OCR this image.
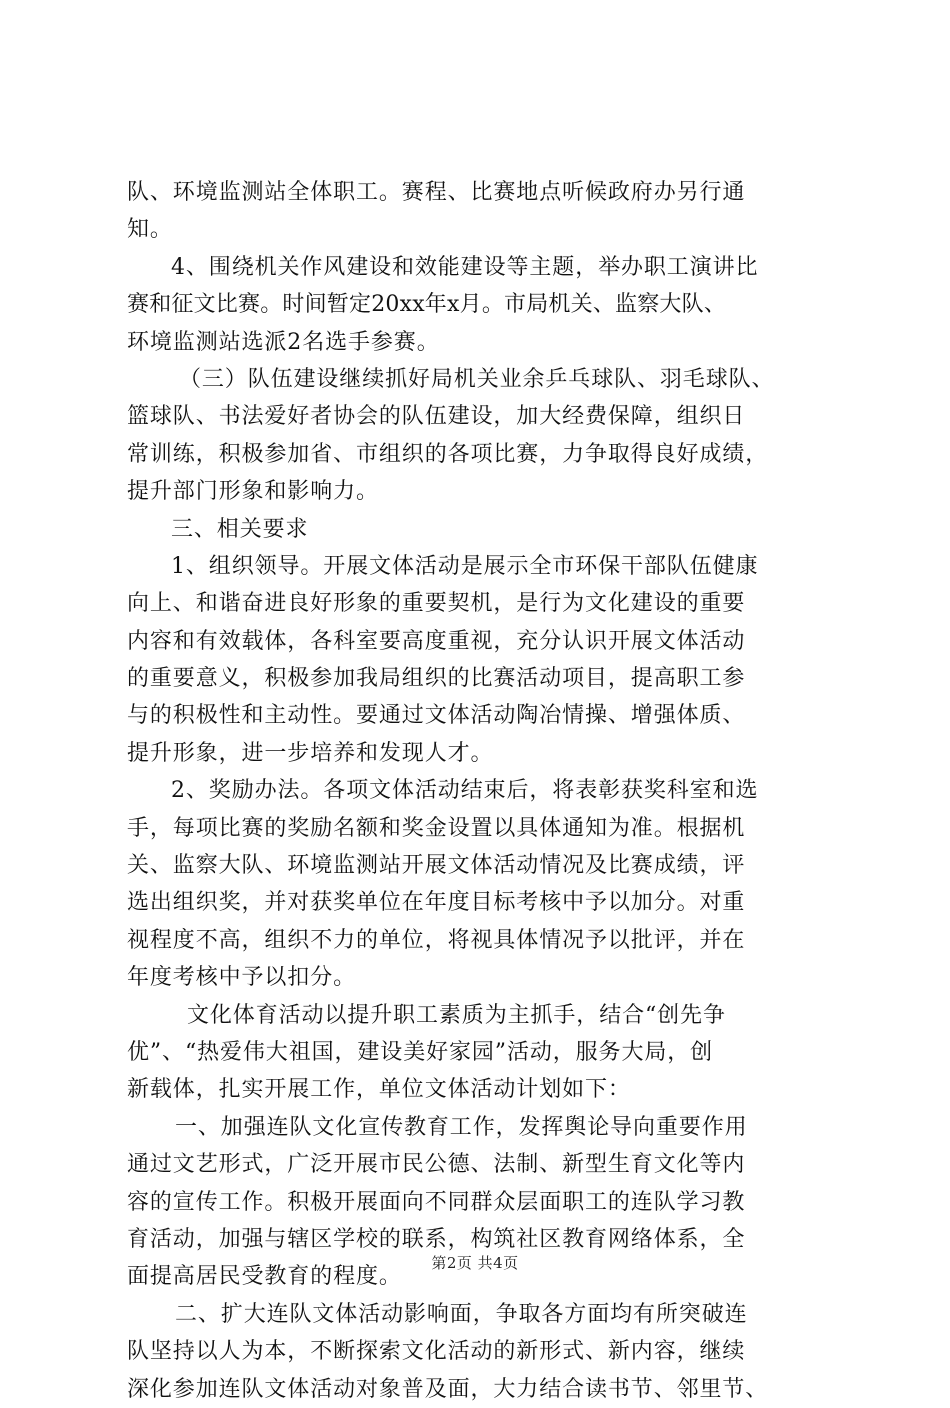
队、环境监测站全体职工。赛程、比赛地点听候政府办另行通
知。
4、围绕机关作风建设和效能建设等主题，举办职工演讲比
赛和征文比赛。时间暂定20xx年x月。市局机关、监察大队、
环境监测站选派2名选手参赛。
（三）队伍建设继续抓好局机关业余乒乓球队、羽毛球队、
篮球队、书法爱好者协会的队伍建设，加大经费保障，组织日
常训练，积极参加省、市组织的各项比赛，力争取得良好成绩，
提升部门形象和影响力。
三、相关要求
1、组织领导。开展文体活动是展示全市环保干部队伍健康
向上、和谐奋进良好形象的重要契机，是行为文化建设的重要
内容和有效载体，各科室要高度重视，充分认识开展文体活动
的重要意义，积极参加我局组织的比赛活动项目，提高职工参
与的积极性和主动性。要通过文体活动陶冶情操、增强体质、
提升形象，进一步培养和发现人才。
2、奖励办法。各项文体活动结束后，将表彰获奖科室和选
手，每项比赛的奖励名额和奖金设置以具体通知为准。根据机
关、监察大队、环境监测站开展文体活动情况及比赛成绩，评
选出组织奖，并对获奖单位在年度目标考核中予以加分。对重
视程度不高，组织不力的单位，将视具体情况予以批评，并在
年度考核中予以扣分。
文化体育活动以提升职工素质为主抓手，结合“创先争
优”、“热爱伟大祖国，建设美好家园”活动，服务大局，创
新载体，扎实开展工作，单位文体活动计划如下：
一、加强连队文化宣传教育工作，发挥舆论导向重要作用
通过文艺形式，广泛开展市民公德、法制、新型生育文化等内
容的宣传工作。积极开展面向不同群众层面职工的连队学习教
育活动，加强与辖区学校的联系，构筑社区教育网络体系，全
面提高居民受教育的程度。
二、扩大连队文体活动影响面，争取各方面均有所突破连
队坚持以人为本，不断探索文化活动的新形式、新内容，继续
深化参加连队文体活动对象普及面，大力结合读书节、邻里节、
第2页 共4页
